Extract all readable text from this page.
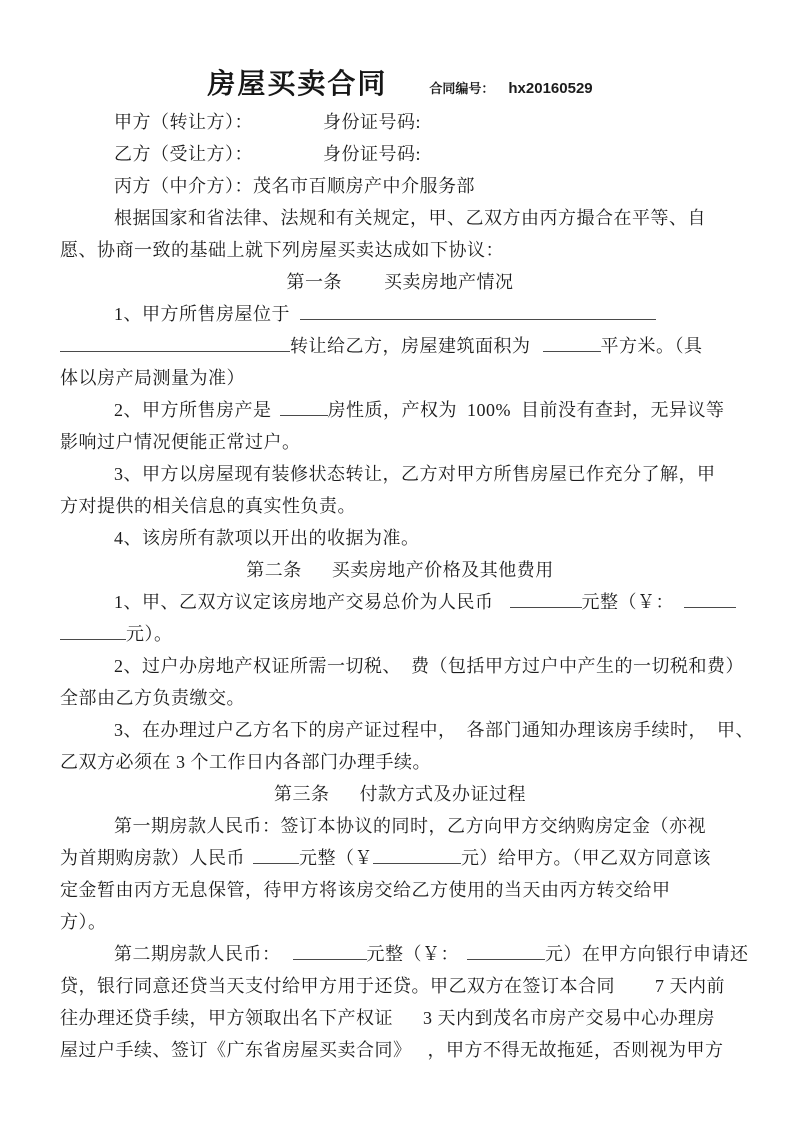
房屋买卖合同	合同编号： hx20160529
甲方（转让方）：	身份证号码:
乙方（受让方）：	身份证号码:
丙方（中介方）：茂名市百顺房产中介服务部
根据国家和省法律、法规和有关规定，甲、乙双方由丙方撮合在平等、自
愿、协商一致的基础上就下列房屋买卖达成如下协议：
第一条 买卖房地产情况
1、甲方所售房屋位于
转让给乙方，房屋建筑面积为	平方米。（具
体以房产局测量为准）
2、甲方所售房产是	房性质，产权为  100%  目前没有查封，无异议等
影响过户情况便能正常过户。
3、甲方以房屋现有装修状态转让，乙方对甲方所售房屋已作充分了解，甲
方对提供的相关信息的真实性负责。
4、该房所有款项以开出的收据为准。
第二条 买卖房地产价格及其他费用
1、甲、乙双方议定该房地产交易总价为人民币	元整（￥：
元）。
2、过户办房地产权证所需一切税、  费（包括甲方过户中产生的一切税和费）
全部由乙方负责缴交。
3、在办理过户乙方名下的房产证过程中，  各部门通知办理该房手续时，  甲、
乙双方必须在 3 个工作日内各部门办理手续。
第三条 付款方式及办证过程
第一期房款人民币：签订本协议的同时，乙方向甲方交纳购房定金（亦视
为首期购房款）人民币	元整（￥	元）给甲方。（甲乙双方同意该
定金暂由丙方无息保管，待甲方将该房交给乙方使用的当天由丙方转交给甲
方）。
第二期房款人民币：	元整（￥：	元）在甲方向银行申请还
贷，银行同意还贷当天支付给甲方用于还贷。甲乙双方在签订本合同 7 天内前
往办理还贷手续，甲方领取出名下产权证 3 天内到茂名市房产交易中心办理房
屋过户手续、签订《广东省房屋买卖合同》 ，甲方不得无故拖延，否则视为甲方
